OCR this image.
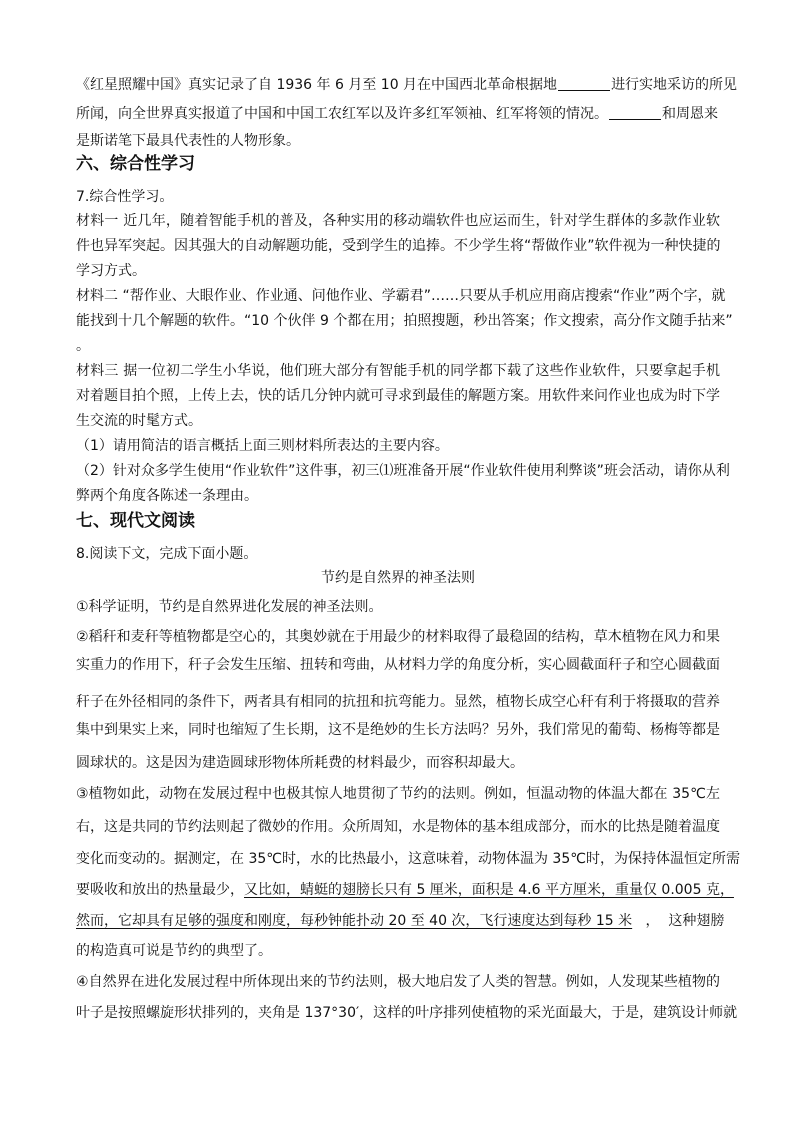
《红星照耀中国》真实记录了自 1936 年 6 月至 10 月在中国西北革命根据地	进行实地采访的所见
所闻，向全世界真实报道了中国和中国工农红军以及许多红军领袖、红军将领的情况。	和周恩来
是斯诺笔下最具代表性的人物形象。
六、综合性学习
7.综合性学习。
材料一 近几年，随着智能手机的普及，各种实用的移动端软件也应运而生，针对学生群体的多款作业软
件也异军突起。因其强大的自动解题功能，受到学生的追捧。不少学生将“帮做作业”软件视为一种快捷的
学习方式。
材料二 “帮作业、大眼作业、作业通、问他作业、学霸君”……只要从手机应用商店搜索“作业”两个字，就
能找到十几个解题的软件。“10 个伙伴 9 个都在用；拍照搜题，秒出答案；作文搜索，高分作文随手拈来”
。
材料三 据一位初二学生小华说，他们班大部分有智能手机的同学都下载了这些作业软件，只要拿起手机
对着题目拍个照，上传上去，快的话几分钟内就可寻求到最佳的解题方案。用软件来问作业也成为时下学
生交流的时髦方式。
（1）请用简洁的语言概括上面三则材料所表达的主要内容。
（2）针对众多学生使用“作业软件”这件事，初三⑴班准备开展“作业软件使用利弊谈”班会活动，请你从利
弊两个角度各陈述一条理由。
七、现代文阅读
8.阅读下文，完成下面小题。
节约是自然界的神圣法则
①科学证明，节约是自然界进化发展的神圣法则。
②稻秆和麦秆等植物都是空心的，其奥妙就在于用最少的材料取得了最稳固的结构，草木植物在风力和果
实重力的作用下，秆子会发生压缩、扭转和弯曲，从材料力学的角度分析，实心圆截面秆子和空心圆截面
秆子在外径相同的条件下，两者具有相同的抗扭和抗弯能力。显然，植物长成空心秆有利于将摄取的营养
集中到果实上来，同时也缩短了生长期，这不是绝妙的生长方法吗？另外，我们常见的葡萄、杨梅等都是
圆球状的。这是因为建造圆球形物体所耗费的材料最少，而容积却最大。
③植物如此，动物在发展过程中也极其惊人地贯彻了节约的法则。例如，恒温动物的体温大都在 35℃左
右，这是共同的节约法则起了微妙的作用。众所周知，水是物体的基本组成部分，而水的比热是随着温度
变化而变动的。据测定，在 35℃时，水的比热最小，这意味着，动物体温为 35℃时，为保持体温恒定所需
要吸收和放出的热量最少，又比如，蜻蜓的翅膀长只有 5 厘米，面积是 4.6 平方厘米，重量仅 0.005 克，
然而，它却具有足够的强度和刚度，每秒钟能扑动 20 至 40 次，飞行速度达到每秒 15 米   ，  这种翅膀
的构造真可说是节约的典型了。
④自然界在进化发展过程中所体现出来的节约法则，极大地启发了人类的智慧。例如，人发现某些植物的
叶子是按照螺旋形状排列的，夹角是 137°30′，这样的叶序排列使植物的采光面最大，于是，建筑设计师就
